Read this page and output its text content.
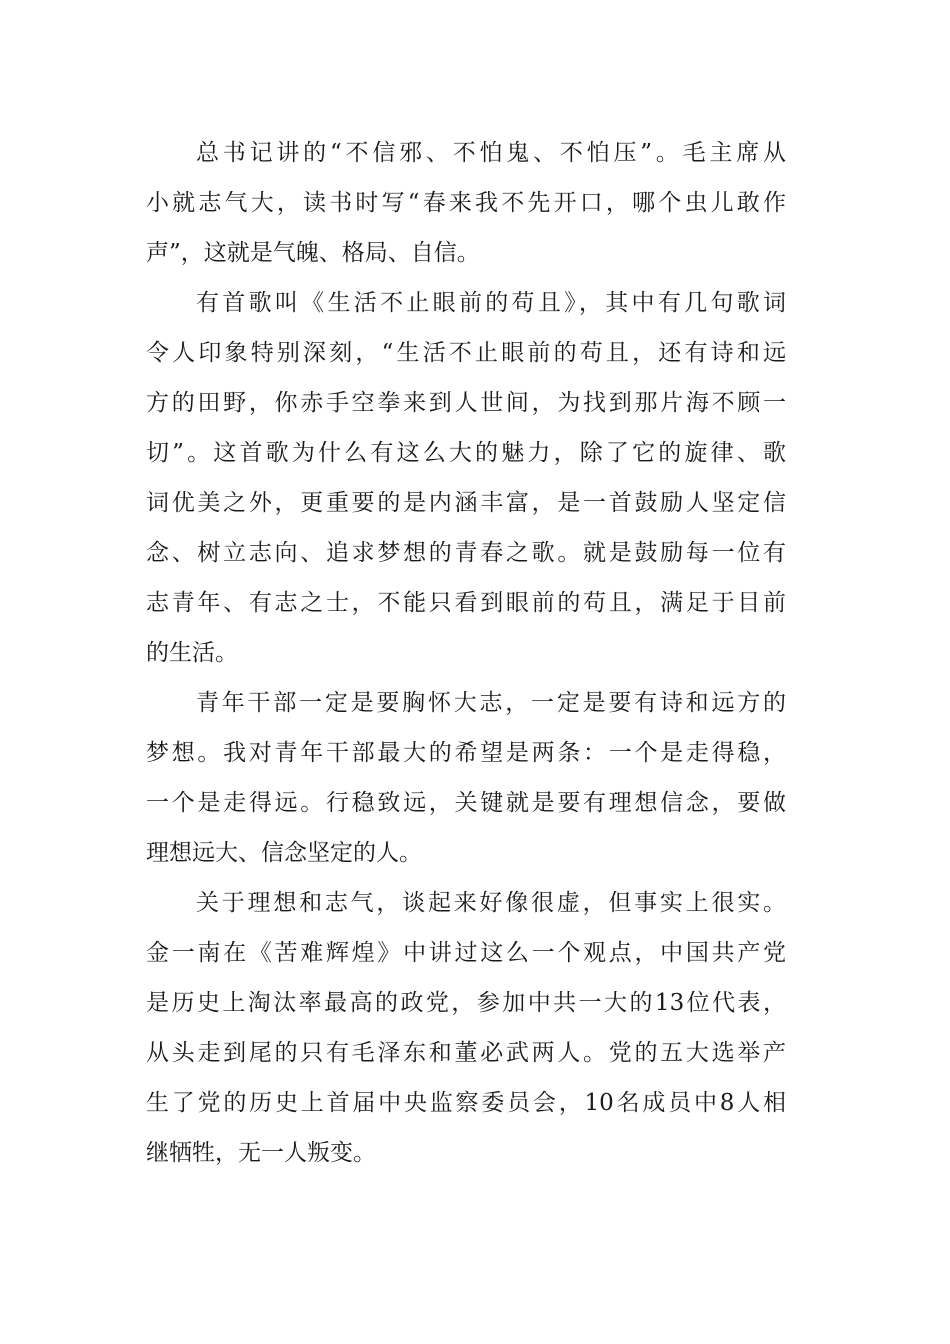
总书记讲的“不信邪、不怕鬼、不怕压”。毛主席从
小就志气大，读书时写“春来我不先开口，哪个虫儿敢作
声”，这就是气魄、格局、自信。
有首歌叫《生活不止眼前的苟且》，其中有几句歌词
令人印象特别深刻，“生活不止眼前的苟且，还有诗和远
方的田野，你赤手空拳来到人世间，为找到那片海不顾一
切”。这首歌为什么有这么大的魅力，除了它的旋律、歌
词优美之外，更重要的是内涵丰富，是一首鼓励人坚定信
念、树立志向、追求梦想的青春之歌。就是鼓励每一位有
志青年、有志之士，不能只看到眼前的苟且，满足于目前
的生活。
青年干部一定是要胸怀大志，一定是要有诗和远方的
梦想。我对青年干部最大的希望是两条：一个是走得稳，
一个是走得远。行稳致远，关键就是要有理想信念，要做
理想远大、信念坚定的人。
关于理想和志气，谈起来好像很虚，但事实上很实。
金一南在《苦难辉煌》中讲过这么一个观点，中国共产党
是历史上淘汰率最高的政党，参加中共一大的13位代表，
从头走到尾的只有毛泽东和董必武两人。党的五大选举产
生了党的历史上首届中央监察委员会，10名成员中8人相
继牺牲，无一人叛变。
